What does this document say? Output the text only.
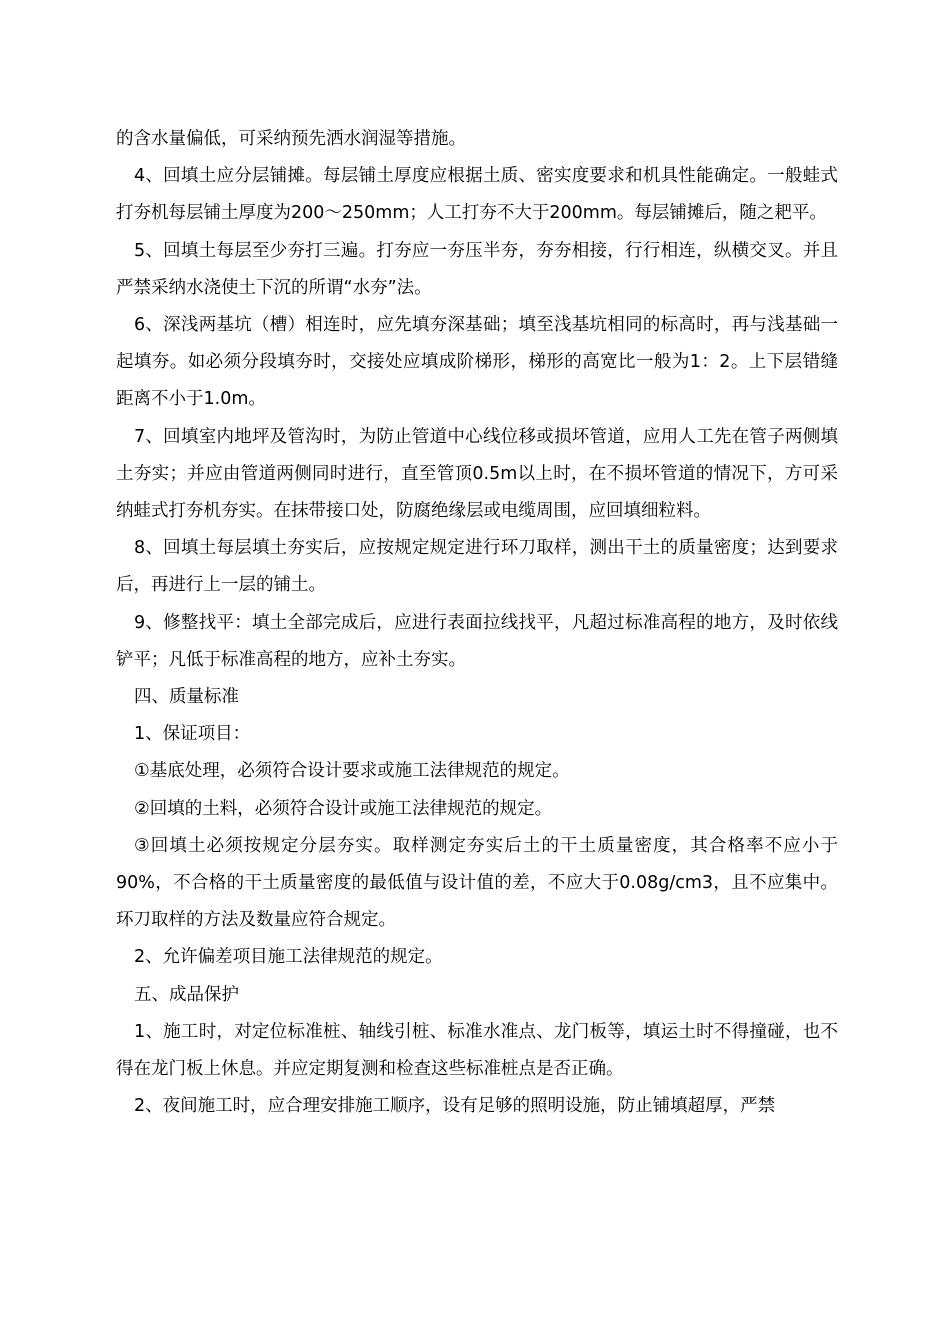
的含水量偏低，可采纳预先洒水润湿等措施。

4、回填土应分层铺摊。每层铺土厚度应根据土质、密实度要求和机具性能确定。一般蛙式打夯机每层铺土厚度为200～250mm；人工打夯不大于200mm。每层铺摊后，随之耙平。

5、回填土每层至少夯打三遍。打夯应一夯压半夯，夯夯相接，行行相连，纵横交叉。并且严禁采纳水浇使土下沉的所谓“水夯”法。

6、深浅两基坑（槽）相连时，应先填夯深基础；填至浅基坑相同的标高时，再与浅基础一起填夯。如必须分段填夯时，交接处应填成阶梯形，梯形的高宽比一般为1：2。上下层错缝距离不小于1.0m。

7、回填室内地坪及管沟时，为防止管道中心线位移或损坏管道，应用人工先在管子两侧填土夯实；并应由管道两侧同时进行，直至管顶0.5m以上时，在不损坏管道的情况下，方可采纳蛙式打夯机夯实。在抹带接口处，防腐绝缘层或电缆周围，应回填细粒料。

8、回填土每层填土夯实后，应按规定规定进行环刀取样，测出干土的质量密度；达到要求后，再进行上一层的铺土。

9、修整找平：填土全部完成后，应进行表面拉线找平，凡超过标准高程的地方，及时依线铲平；凡低于标准高程的地方，应补土夯实。

四、质量标准

1、保证项目：

①基底处理，必须符合设计要求或施工法律规范的规定。

②回填的土料，必须符合设计或施工法律规范的规定。

③回填土必须按规定分层夯实。取样测定夯实后土的干土质量密度，其合格率不应小于90%，不合格的干土质量密度的最低值与设计值的差，不应大于0.08g/cm3，且不应集中。环刀取样的方法及数量应符合规定。

2、允许偏差项目施工法律规范的规定。

五、成品保护

1、施工时，对定位标准桩、轴线引桩、标准水准点、龙门板等，填运土时不得撞碰，也不得在龙门板上休息。并应定期复测和检查这些标准桩点是否正确。

2、夜间施工时，应合理安排施工顺序，设有足够的照明设施，防止铺填超厚，严禁
